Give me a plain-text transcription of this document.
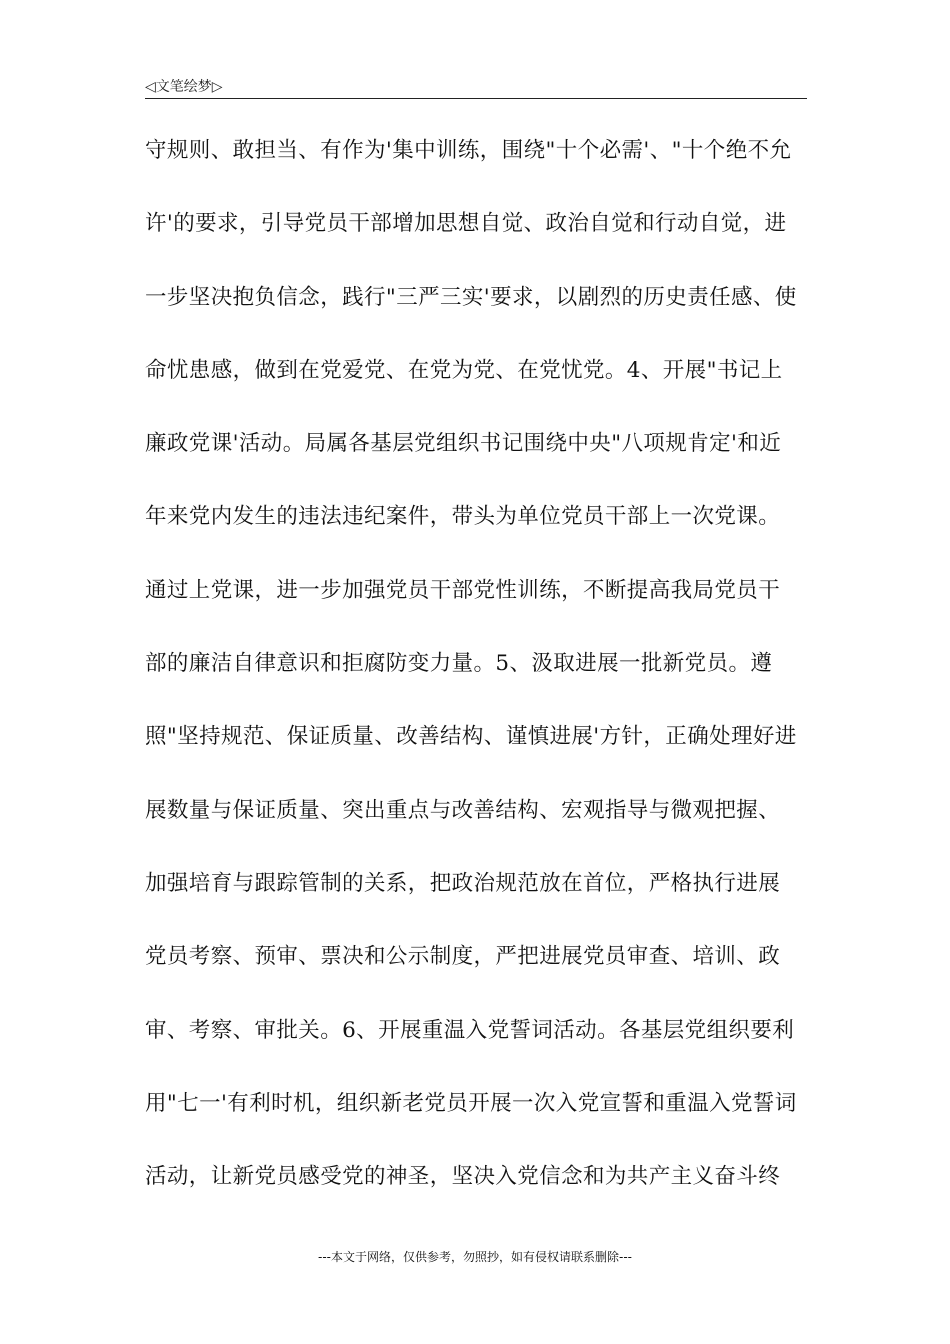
◁文笔绘梦▷
守规则、敢担当、有作为'集中训练，围绕"十个必需'、"十个绝不允
许'的要求，引导党员干部增加思想自觉、政治自觉和行动自觉，进
一步坚决抱负信念，践行"三严三实'要求，以剧烈的历史责任感、使
命忧患感，做到在党爱党、在党为党、在党忧党。4、开展"书记上
廉政党课'活动。局属各基层党组织书记围绕中央"八项规肯定'和近
年来党内发生的违法违纪案件，带头为单位党员干部上一次党课。
通过上党课，进一步加强党员干部党性训练，不断提高我局党员干
部的廉洁自律意识和拒腐防变力量。5、汲取进展一批新党员。遵
照"坚持规范、保证质量、改善结构、谨慎进展'方针，正确处理好进
展数量与保证质量、突出重点与改善结构、宏观指导与微观把握、
加强培育与跟踪管制的关系，把政治规范放在首位，严格执行进展
党员考察、预审、票决和公示制度，严把进展党员审查、培训、政
审、考察、审批关。6、开展重温入党誓词活动。各基层党组织要利
用"七一'有利时机，组织新老党员开展一次入党宣誓和重温入党誓词
活动，让新党员感受党的神圣，坚决入党信念和为共产主义奋斗终
---本文于网络，仅供参考，勿照抄，如有侵权请联系删除---
